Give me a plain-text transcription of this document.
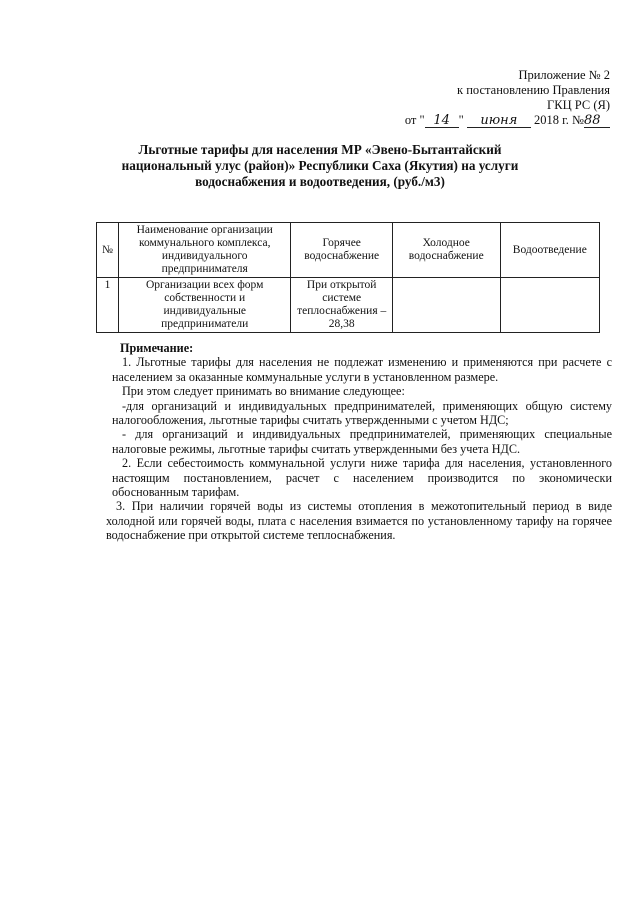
Приложение № 2
к постановлению Правления
ГКЦ РС (Я)
от " 14 " июня 2018 г. №88
Льготные тарифы для населения МР «Эвено-Бытантайский национальный улус (район)» Республики Саха (Якутия) на услуги водоснабжения и водоотведения, (руб./м3)
№	Наименование организации коммунального комплекса, индивидуального предпринимателя	Горячее водоснабжение	Холодное водоснабжение	Водоотведение
1	Организации всех форм собственности и индивидуальные предприниматели	При открытой системе теплоснабжения – 28,38		

Примечание:

1. Льготные тарифы для населения не подлежат изменению и применяются при расчете с населением за оказанные коммунальные услуги в установленном размере.

При этом следует принимать во внимание следующее:

-для организаций и индивидуальных предпринимателей, применяющих общую систему налогообложения, льготные тарифы считать утвержденными с учетом НДС;

- для организаций и индивидуальных предпринимателей, применяющих специальные налоговые режимы, льготные тарифы считать утвержденными без учета НДС.

2. Если себестоимость коммунальной услуги ниже тарифа для населения, установленного настоящим постановлением, расчет с населением производится по экономически обоснованным тарифам.

3. При наличии горячей воды из системы отопления в межотопительный период в виде холодной или горячей воды, плата с населения взимается по установленному тарифу на горячее водоснабжение при открытой системе теплоснабжения.
